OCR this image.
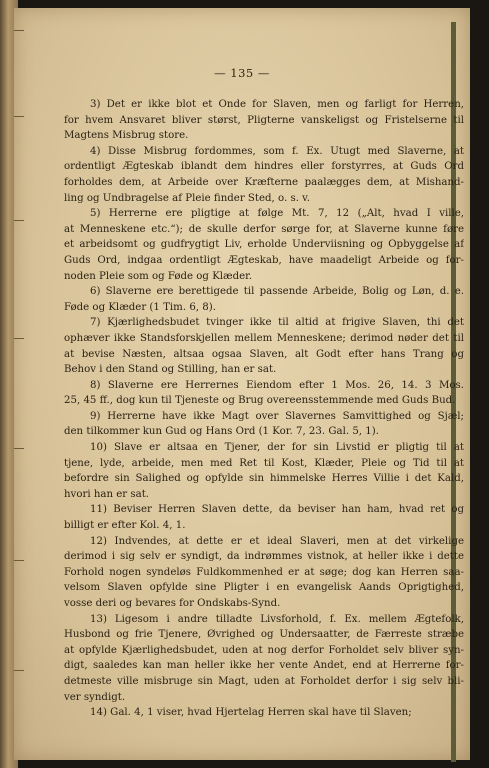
— 135 —
3) Det er ikke blot et Onde for Slaven, men og farligt for Herren,
for hvem Ansvaret bliver størst, Pligterne vanskeligst og Fristelserne til
Magtens Misbrug store.
4) Disse Misbrug fordommes, som f. Ex. Utugt med Slaverne, at
ordentligt Ægteskab iblandt dem hindres eller forstyrres, at Guds Ord
forholdes dem, at Arbeide over Kræfterne paalægges dem, at Mishand-
ling og Undbragelse af Pleie finder Sted, o. s. v.
5) Herrerne ere pligtige at følge Mt. 7, 12 („Alt, hvad I ville,
at Menneskene etc.“); de skulle derfor sørge for, at Slaverne kunne føre
et arbeidsomt og gudfrygtigt Liv, erholde Underviisning og Opbyggelse af
Guds Ord, indgaa ordentligt Ægteskab, have maadeligt Arbeide og for-
noden Pleie som og Føde og Klæder.
6) Slaverne ere berettigede til passende Arbeide, Bolig og Løn, d. e.
Føde og Klæder (1 Tim. 6, 8).
7) Kjærlighedsbudet tvinger ikke til altid at frigive Slaven, thi det
ophæver ikke Standsforskjellen mellem Menneskene; derimod nøder det til
at bevise Næsten, altsaa ogsaa Slaven, alt Godt efter hans Trang og
Behov i den Stand og Stilling, han er sat.
8) Slaverne ere Herrernes Eiendom efter 1 Mos. 26, 14. 3 Mos.
25, 45 ff., dog kun til Tjeneste og Brug overeensstemmende med Guds Bud.
9) Herrerne have ikke Magt over Slavernes Samvittighed og Sjæl;
den tilkommer kun Gud og Hans Ord (1 Kor. 7, 23. Gal. 5, 1).
10) Slave er altsaa en Tjener, der for sin Livstid er pligtig til at
tjene, lyde, arbeide, men med Ret til Kost, Klæder, Pleie og Tid til at
befordre sin Salighed og opfylde sin himmelske Herres Villie i det Kald,
hvori han er sat.
11) Beviser Herren Slaven dette, da beviser han ham, hvad ret og
billigt er efter Kol. 4, 1.
12) Indvendes, at dette er et ideal Slaveri, men at det virkelige
derimod i sig selv er syndigt, da indrømmes vistnok, at heller ikke i dette
Forhold nogen syndeløs Fuldkommenhed er at søge; dog kan Herren saa-
velsom Slaven opfylde sine Pligter i en evangelisk Aands Oprigtighed,
vosse deri og bevares for Ondskabs-Synd.
13) Ligesom i andre tilladte Livsforhold, f. Ex. mellem Ægtefolk,
Husbond og frie Tjenere, Øvrighed og Undersaatter, de Færreste stræbe
at opfylde Kjærlighedsbudet, uden at nog derfor Forholdet selv bliver syn-
digt, saaledes kan man heller ikke her vente Andet, end at Herrerne for-
detmeste ville misbruge sin Magt, uden at Forholdet derfor i sig selv bli-
ver syndigt.
14) Gal. 4, 1 viser, hvad Hjertelag Herren skal have til Slaven;
